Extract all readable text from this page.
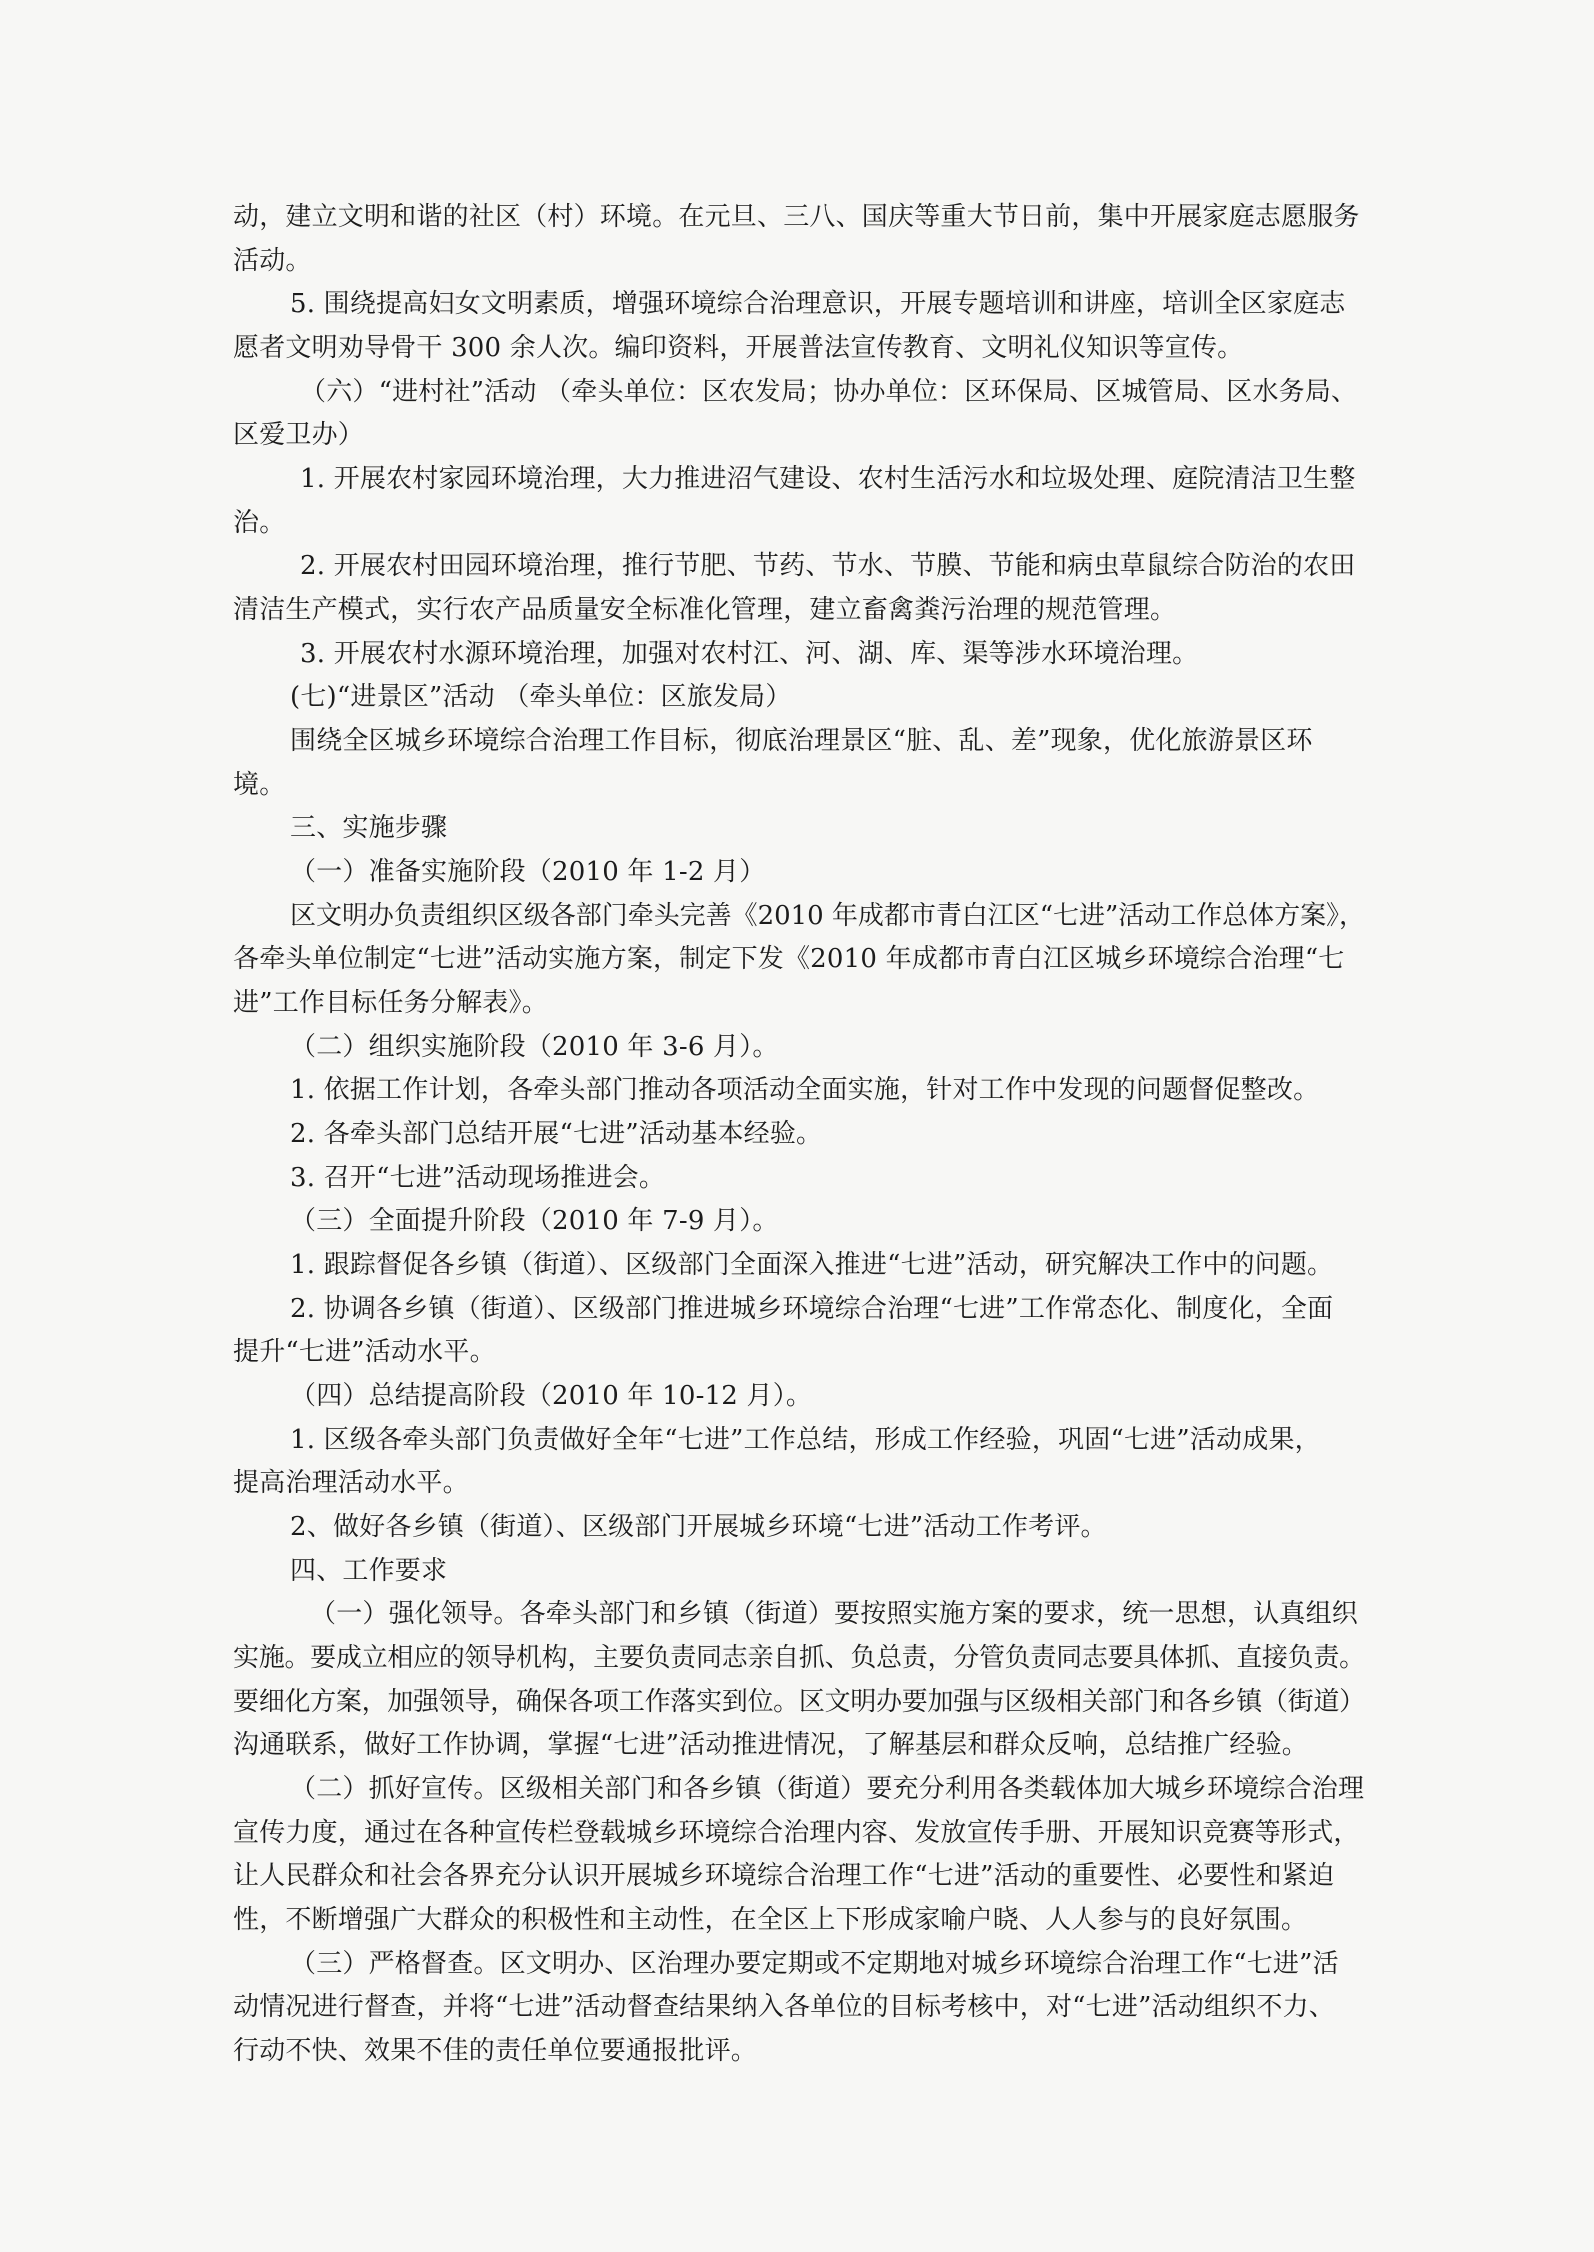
动，建立文明和谐的社区（村）环境。在元旦、三八、国庆等重大节日前，集中开展家庭志愿服务
活动。
5. 围绕提高妇女文明素质，增强环境综合治理意识，开展专题培训和讲座，培训全区家庭志
愿者文明劝导骨干 300 余人次。编印资料，开展普法宣传教育、文明礼仪知识等宣传。
（六）“进村社”活动 （牵头单位：区农发局；协办单位：区环保局、区城管局、区水务局、
区爱卫办）
1. 开展农村家园环境治理，大力推进沼气建设、农村生活污水和垃圾处理、庭院清洁卫生整
治。
2. 开展农村田园环境治理，推行节肥、节药、节水、节膜、节能和病虫草鼠综合防治的农田
清洁生产模式，实行农产品质量安全标准化管理，建立畜禽粪污治理的规范管理。
3. 开展农村水源环境治理，加强对农村江、河、湖、库、渠等涉水环境治理。
(七)“进景区”活动 （牵头单位：区旅发局）
围绕全区城乡环境综合治理工作目标，彻底治理景区“脏、乱、差”现象，优化旅游景区环
境。
三、实施步骤
（一）准备实施阶段（2010 年 1-2 月）
区文明办负责组织区级各部门牵头完善《2010 年成都市青白江区“七进”活动工作总体方案》，
各牵头单位制定“七进”活动实施方案，制定下发《2010 年成都市青白江区城乡环境综合治理“七
进”工作目标任务分解表》。
（二）组织实施阶段（2010 年 3-6 月）。
1. 依据工作计划，各牵头部门推动各项活动全面实施，针对工作中发现的问题督促整改。
2. 各牵头部门总结开展“七进”活动基本经验。
3. 召开“七进”活动现场推进会。
（三）全面提升阶段（2010 年 7-9 月）。
1. 跟踪督促各乡镇（街道）、区级部门全面深入推进“七进”活动，研究解决工作中的问题。
2. 协调各乡镇（街道）、区级部门推进城乡环境综合治理“七进”工作常态化、制度化，全面
提升“七进”活动水平。
（四）总结提高阶段（2010 年 10-12 月）。
1. 区级各牵头部门负责做好全年“七进”工作总结，形成工作经验，巩固“七进”活动成果，
提高治理活动水平。
2、做好各乡镇（街道）、区级部门开展城乡环境“七进”活动工作考评。
四、工作要求
（一）强化领导。各牵头部门和乡镇（街道）要按照实施方案的要求，统一思想，认真组织
实施。要成立相应的领导机构，主要负责同志亲自抓、负总责，分管负责同志要具体抓、直接负责。
要细化方案，加强领导，确保各项工作落实到位。区文明办要加强与区级相关部门和各乡镇（街道）
沟通联系，做好工作协调，掌握“七进”活动推进情况，了解基层和群众反响，总结推广经验。
（二）抓好宣传。区级相关部门和各乡镇（街道）要充分利用各类载体加大城乡环境综合治理
宣传力度，通过在各种宣传栏登载城乡环境综合治理内容、发放宣传手册、开展知识竞赛等形式，
让人民群众和社会各界充分认识开展城乡环境综合治理工作“七进”活动的重要性、必要性和紧迫
性，不断增强广大群众的积极性和主动性，在全区上下形成家喻户晓、人人参与的良好氛围。
（三）严格督查。区文明办、区治理办要定期或不定期地对城乡环境综合治理工作“七进”活
动情况进行督查，并将“七进”活动督查结果纳入各单位的目标考核中，对“七进”活动组织不力、
行动不快、效果不佳的责任单位要通报批评。
